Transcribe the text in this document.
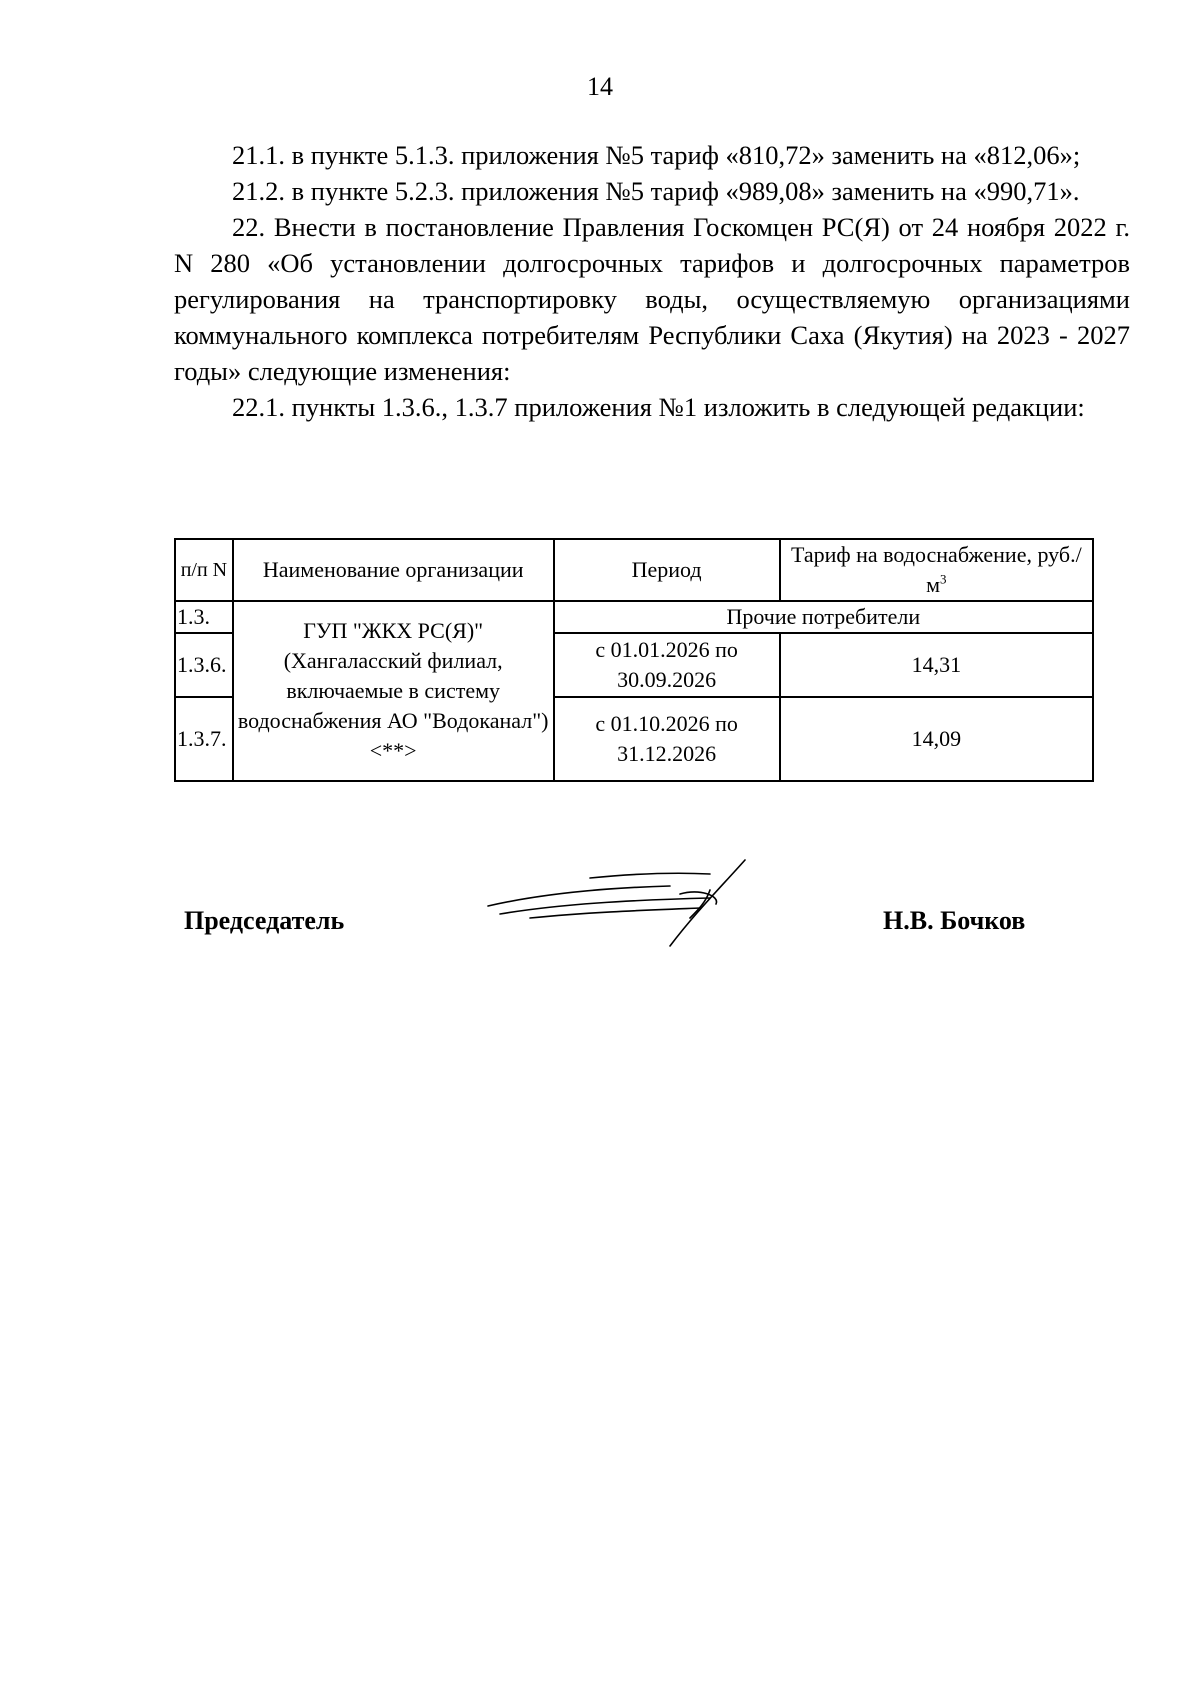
14

21.1. в пункте 5.1.3. приложения №5 тариф «810,72» заменить на «812,06»;

21.2. в пункте 5.2.3. приложения №5 тариф «989,08» заменить на «990,71».

22. Внести в постановление Правления Госкомцен РС(Я) от 24 ноября 2022 г. N 280 «Об установлении долгосрочных тарифов и долгосрочных параметров регулирования на транспортировку воды, осуществляемую организациями коммунального комплекса потребителям Республики Саха (Якутия) на 2023 - 2027 годы» следующие изменения:

22.1. пункты 1.3.6., 1.3.7 приложения №1 изложить в следующей редакции:

п/п N	Наименование организации	Период	Тариф на водоснабжение, $руб./м^3$
1.3.	ГУП "ЖКХ РС(Я)" (Хангаласский филиал, включаемые в систему водоснабжения АО "Водоканал") <**>	Прочие потребители	
1.3.6.		с 01.01.2026 по 30.09.2026	14,31
1.3.7.		с 01.10.2026 по 31.12.2026	14,09
Председатель	Н.В. Бочков
